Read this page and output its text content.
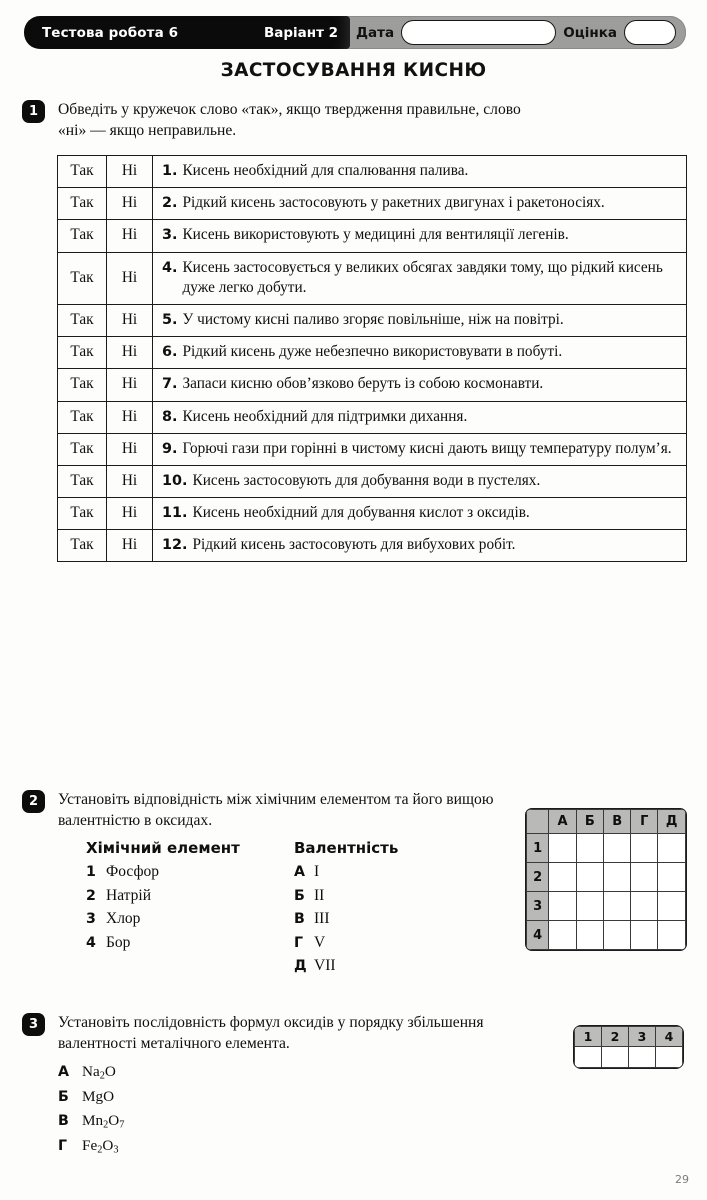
Тестова робота 6	Варіант 2 Дата	Оцінка
ЗАСТОСУВАННЯ КИСНЮ
1	Обведіть у кружечок слово «так», якщо твердження правильне, слово «ні» — якщо неправильне.
Так	Ні	1. Кисень необхідний для спалювання палива.

Так	Ні	2. Рідкий кисень застосовують у ракетних двигунах і ракетоносіях.

Так	Ні	3. Кисень використовують у медицині для вентиляції легенів.

Так	Ні	4. Кисень застосовується у великих обсягах завдяки тому, що рідкий кисень дуже легко добути.

Так	Ні	5. У чистому кисні паливо згоряє повільніше, ніж на повітрі.

Так	Ні	6. Рідкий кисень дуже небезпечно використовувати в побуті.

Так	Ні	7. Запаси кисню обов’язково беруть із собою космонавти.

Так	Ні	8. Кисень необхідний для підтримки дихання.

Так	Ні	9. Горючі гази при горінні в чистому кисні дають вищу температуру полум’я.

Так	Ні	10. Кисень застосовують для добування води в пустелях.

Так	Ні	11. Кисень необхідний для добування кислот з оксидів.

Так	Ні	12. Рідкий кисень застосовують для вибухових робіт.
2	Установіть відповідність між хімічним елементом та його вищою валентністю в оксидах.
Хімічний елемент
1 Фосфор
2 Натрій
3 Хлор
4 Бор
Валентність
А I
Б II
В III
Г V
Д VII
	А	Б	В	Г	Д
1					
2					
3					
4					
3	Установіть послідовність формул оксидів у порядку збільшення валентності металічного елемента.
А $Na_2O$
Б MgO
В $Mn_2O_7$
Г $Fe_2O_3$
1	2	3	4

29
